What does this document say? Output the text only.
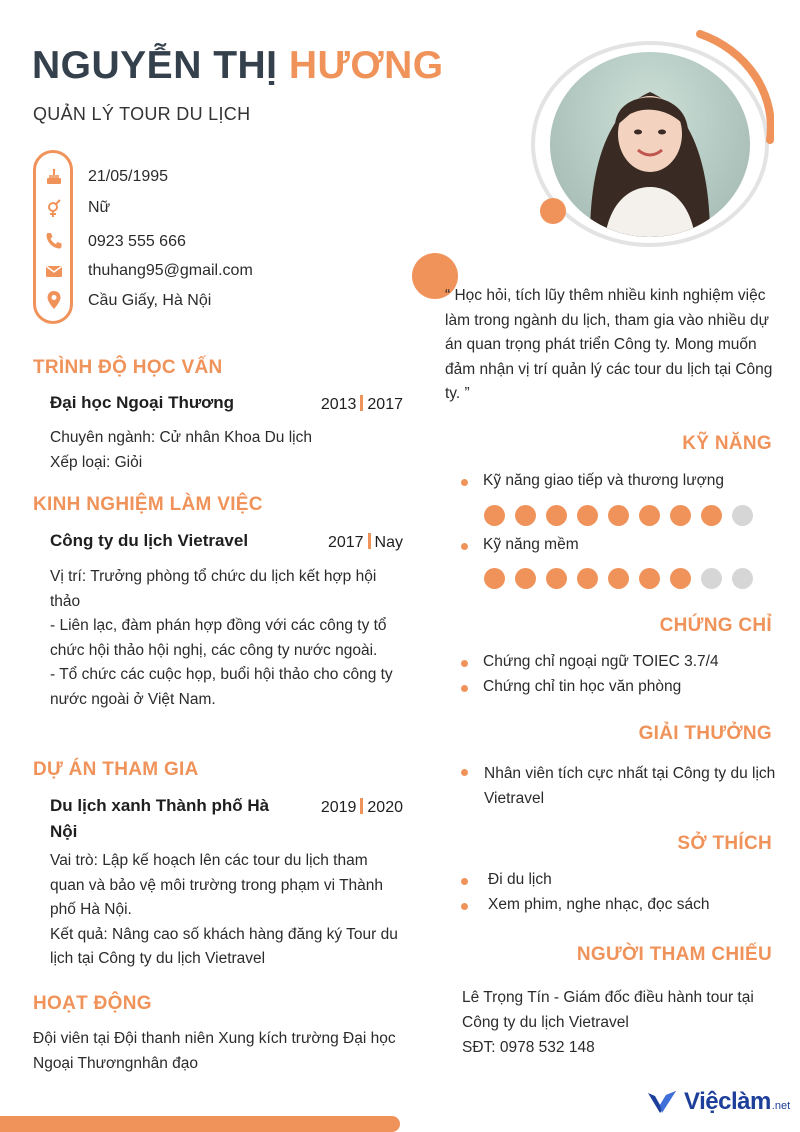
NGUYỄN THỊ HƯƠNG
QUẢN LÝ TOUR DU LỊCH
21/05/1995
Nữ
0923 555 666
thuhang95@gmail.com
Cầu Giấy, Hà Nội
TRÌNH ĐỘ HỌC VẤN
Đại học Ngoại Thương	2013 2017
Chuyên ngành: Cử nhân Khoa Du lịch
Xếp loại: Giỏi
KINH NGHIỆM LÀM VIỆC
Công ty du lịch Vietravel	2017 Nay
Vị trí: Trưởng phòng tổ chức du lịch kết hợp hội thảo
- Liên lạc, đàm phán hợp đồng với các công ty tổ chức hội thảo hội nghị, các công ty nước ngoài.
- Tổ chức các cuộc họp, buổi hội thảo cho công ty nước ngoài ở Việt Nam.
DỰ ÁN THAM GIA
Du lịch xanh Thành phố Hà Nội
2019 2020
Vai trò: Lập kế hoạch lên các tour du lịch tham quan và bảo vệ môi trường trong phạm vi Thành phố Hà Nội.
Kết quả: Nâng cao số khách hàng đăng ký Tour du lịch tại Công ty du lịch Vietravel
HOẠT ĐỘNG
Đội viên tại Đội thanh niên Xung kích trường Đại học Ngoại Thươngnhân đạo
“ Học hỏi, tích lũy thêm nhiều kinh nghiệm việc làm trong ngành du lịch, tham gia vào nhiều dự án quan trọng phát triển Công ty. Mong muốn đảm nhận vị trí quản lý các tour du lịch tại Công ty. ”
KỸ NĂNG
Kỹ năng giao tiếp và thương lượng
Kỹ năng mềm
CHỨNG CHỈ
Chứng chỉ ngoại ngữ TOIEC 3.7/4
Chứng chỉ tin học văn phòng
GIẢI THƯỞNG
Nhân viên tích cực nhất tại Công ty du lịch Vietravel
SỞ THÍCH
Đi du lịch
Xem phim, nghe nhạc, đọc sách
NGƯỜI THAM CHIẾU
Lê Trọng Tín - Giám đốc điều hành tour tại Công ty du lịch Vietravel
SĐT: 0978 532 148
Việclàm .net
